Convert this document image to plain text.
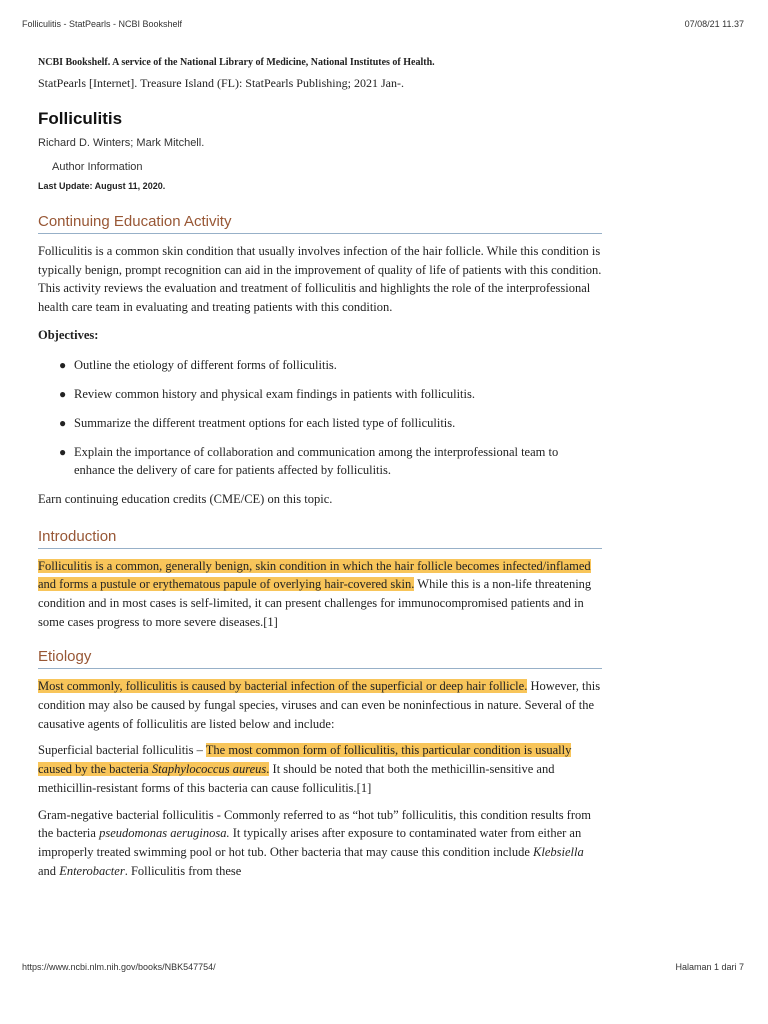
Folliculitis - StatPearls - NCBI Bookshelf	07/08/21 11.37

NCBI Bookshelf. A service of the National Library of Medicine, National Institutes of Health.

StatPearls [Internet]. Treasure Island (FL): StatPearls Publishing; 2021 Jan-.

Folliculitis

Richard D. Winters; Mark Mitchell.

Author Information

Last Update: August 11, 2020.

Continuing Education Activity

Folliculitis is a common skin condition that usually involves infection of the hair follicle. While this condition is typically benign, prompt recognition can aid in the improvement of quality of life of patients with this condition. This activity reviews the evaluation and treatment of folliculitis and highlights the role of the interprofessional health care team in evaluating and treating patients with this condition.

Objectives:

● Outline the etiology of different forms of folliculitis.
● Review common history and physical exam findings in patients with folliculitis.
● Summarize the different treatment options for each listed type of folliculitis.
● Explain the importance of collaboration and communication among the interprofessional team to enhance the delivery of care for patients affected by folliculitis.

Earn continuing education credits (CME/CE) on this topic.

Introduction

Folliculitis is a common, generally benign, skin condition in which the hair follicle becomes infected/inflamed and forms a pustule or erythematous papule of overlying hair-covered skin. While this is a non-life threatening condition and in most cases is self-limited, it can present challenges for immunocompromised patients and in some cases progress to more severe diseases.[1]

Etiology

Most commonly, folliculitis is caused by bacterial infection of the superficial or deep hair follicle. However, this condition may also be caused by fungal species, viruses and can even be noninfectious in nature. Several of the causative agents of folliculitis are listed below and include:

Superficial bacterial folliculitis – The most common form of folliculitis, this particular condition is usually caused by the bacteria Staphylococcus aureus. It should be noted that both the methicillin-sensitive and methicillin-resistant forms of this bacteria can cause folliculitis.[1]

Gram-negative bacterial folliculitis - Commonly referred to as “hot tub” folliculitis, this condition results from the bacteria pseudomonas aeruginosa. It typically arises after exposure to contaminated water from either an improperly treated swimming pool or hot tub. Other bacteria that may cause this condition include Klebsiella and Enterobacter. Folliculitis from these

https://www.ncbi.nlm.nih.gov/books/NBK547754/	Halaman 1 dari 7
